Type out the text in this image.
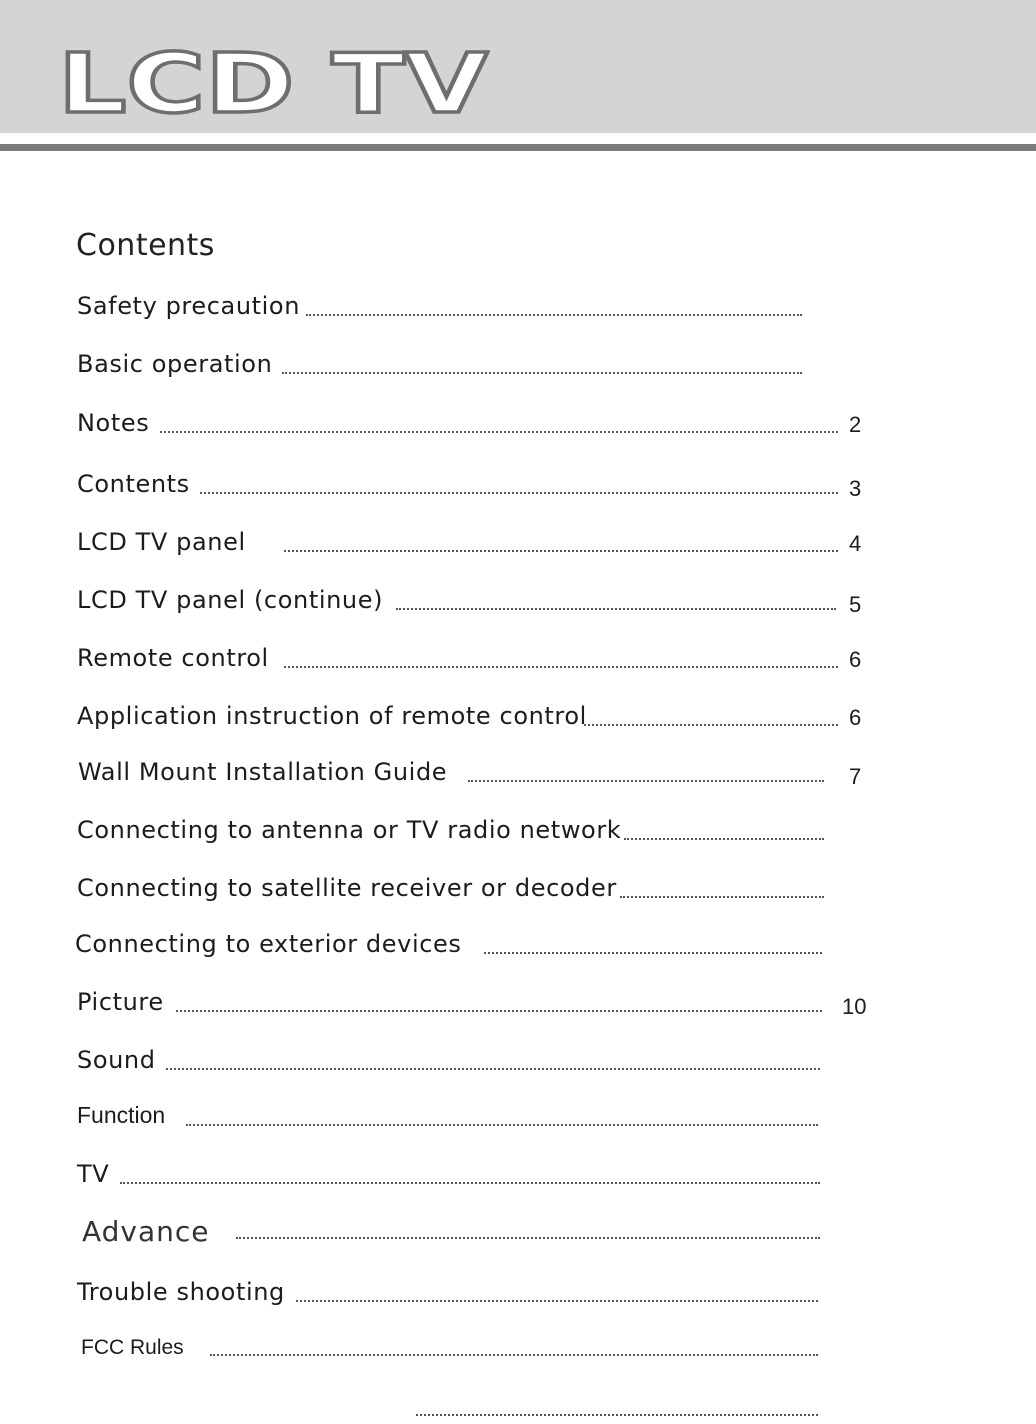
LCD TV
Contents
Safety precaution
Basic operation
Notes	2
Contents	3
LCD TV panel	4
LCD TV panel (continue)	5
Remote control	6
Application instruction of remote control	6
Wall Mount Installation Guide	7
Connecting to antenna or TV radio network
Connecting to satellite receiver or decoder
Connecting to exterior devices
Picture	10
Sound
Function
TV
Advance
Trouble shooting
FCC Rules
